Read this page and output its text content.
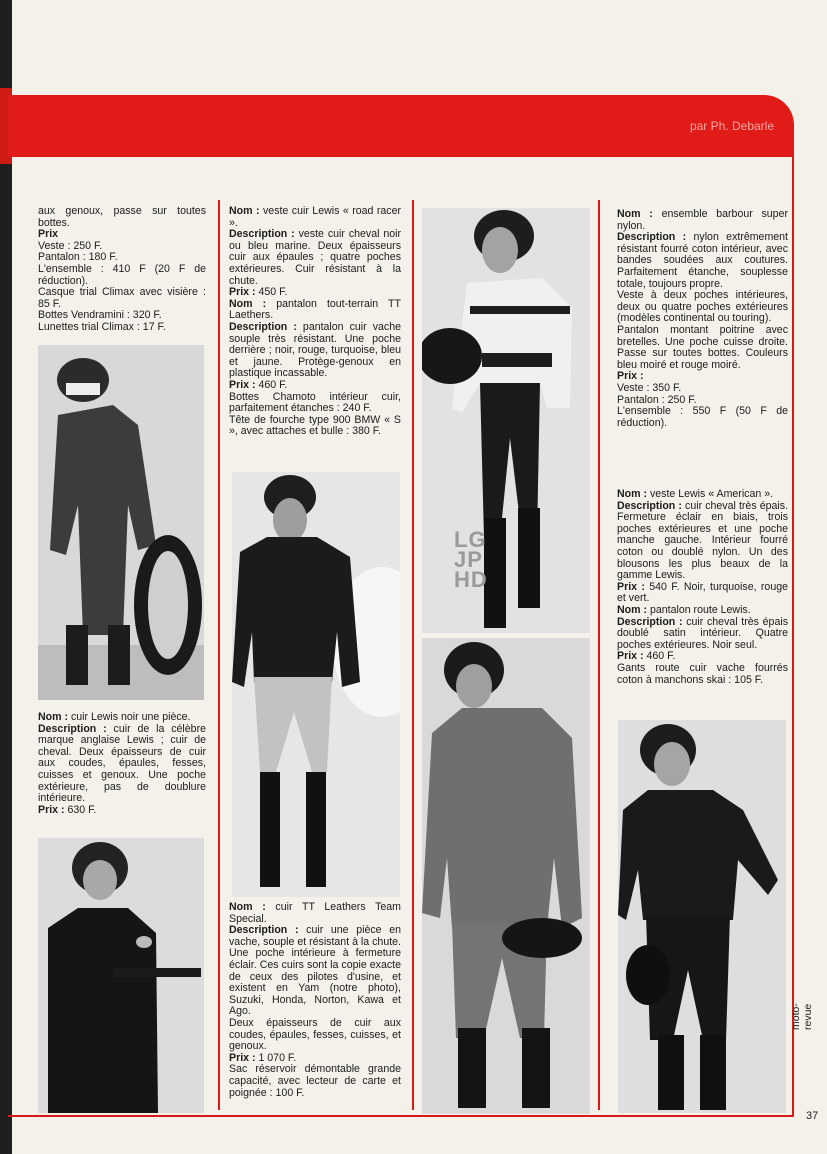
par Ph. Debarle

aux genoux, passe sur toutes bottes.

Prix

Veste : 250 F.

Pantalon : 180 F.

L'ensemble : 410 F (20 F de réduction).

Casque trial Climax avec visière : 85 F.

Bottes Vendramini : 320 F.

Lunettes trial Climax : 17 F.

Nom : cuir Lewis noir une pièce.

Description : cuir de la célèbre marque anglaise Lewis ; cuir de cheval. Deux épaisseurs de cuir aux coudes, épaules, fesses, cuisses et genoux. Une poche extérieure, pas de doublure intérieure.

Prix : 630 F.

Nom : veste cuir Lewis « road racer ».

Description : veste cuir cheval noir ou bleu marine. Deux épaisseurs cuir aux épaules ; quatre poches extérieures. Cuir résistant à la chute.

Prix : 450 F.

Nom : pantalon tout-terrain TT Laethers.

Description : pantalon cuir vache souple très résistant. Une poche derrière ; noir, rouge, turquoise, bleu et jaune. Protège-genoux en plastique incassable.

Prix : 460 F.

Bottes Chamoto intérieur cuir, parfaitement étanches : 240 F.

Tête de fourche type 900 BMW « S », avec attaches et bulle : 380 F.

Nom : cuir TT Leathers Team Special.

Description : cuir une pièce en vache, souple et résistant à la chute. Une poche intérieure à fermeture éclair. Ces cuirs sont la copie exacte de ceux des pilotes d'usine, et existent en Yam (notre photo), Suzuki, Honda, Norton, Kawa et Ago.

Deux épaisseurs de cuir aux coudes, épaules, fesses, cuisses, et genoux.

Prix : 1 070 F.

Sac réservoir démontable grande capacité, avec lecteur de carte et poignée : 100 F.

LG
JP
HD

Nom : ensemble barbour super nylon.

Description : nylon extrêmement résistant fourré coton intérieur, avec bandes soudées aux coutures. Parfaitement étanche, souplesse totale, toujours propre.

Veste à deux poches intérieures, deux ou quatre poches extérieures (modèles continental ou touring).

Pantalon montant poitrine avec bretelles. Une poche cuisse droite. Passe sur toutes bottes. Couleurs bleu moiré et rouge moiré.

Prix :

Veste : 350 F.

Pantalon : 250 F.

L'ensemble : 550 F (50 F de réduction).

Nom : veste Lewis « American ».

Description : cuir cheval très épais. Fermeture éclair en biais, trois poches extérieures et une poche manche gauche. Intérieur fourré coton ou doublé nylon. Un des blousons les plus beaux de la gamme Lewis.

Prix : 540 F. Noir, turquoise, rouge et vert.

Nom : pantalon route Lewis.

Description : cuir cheval très épais doublé satin intérieur. Quatre poches extérieures. Noir seul.

Prix : 460 F.

Gants route cuir vache fourrés coton à manchons skai : 105 F.

moto-revue
37
